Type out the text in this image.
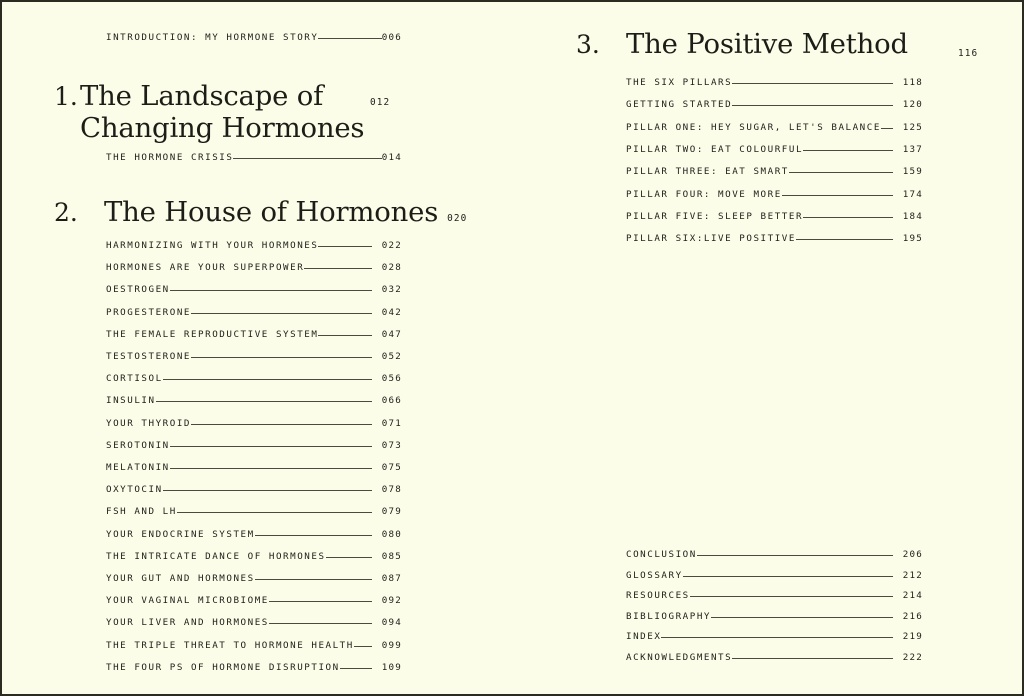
INTRODUCTION: MY HORMONE STORY	006
1. The Landscape of
Changing Hormones
012
THE HORMONE CRISIS	014
2. The House of Hormones 020
HARMONIZING WITH YOUR HORMONES	022
HORMONES ARE YOUR SUPERPOWER	028
OESTROGEN	032
PROGESTERONE	042
THE FEMALE REPRODUCTIVE SYSTEM	047
TESTOSTERONE	052
CORTISOL	056
INSULIN	066
YOUR THYROID	071
SEROTONIN	073
MELATONIN	075
OXYTOCIN	078
FSH AND LH	079
YOUR ENDOCRINE SYSTEM	080
THE INTRICATE DANCE OF HORMONES	085
YOUR GUT AND HORMONES	087
YOUR VAGINAL MICROBIOME	092
YOUR LIVER AND HORMONES	094
THE TRIPLE THREAT TO HORMONE HEALTH	099
THE FOUR PS OF HORMONE DISRUPTION	109
3. The Positive Method	116
THE SIX PILLARS	118
GETTING STARTED	120
PILLAR ONE: HEY SUGAR, LET'S BALANCE	125
PILLAR TWO: EAT COLOURFUL	137
PILLAR THREE: EAT SMART	159
PILLAR FOUR: MOVE MORE	174
PILLAR FIVE: SLEEP BETTER	184
PILLAR SIX:LIVE POSITIVE	195
CONCLUSION	206
GLOSSARY	212
RESOURCES	214
BIBLIOGRAPHY	216
INDEX	219
ACKNOWLEDGMENTS	222
